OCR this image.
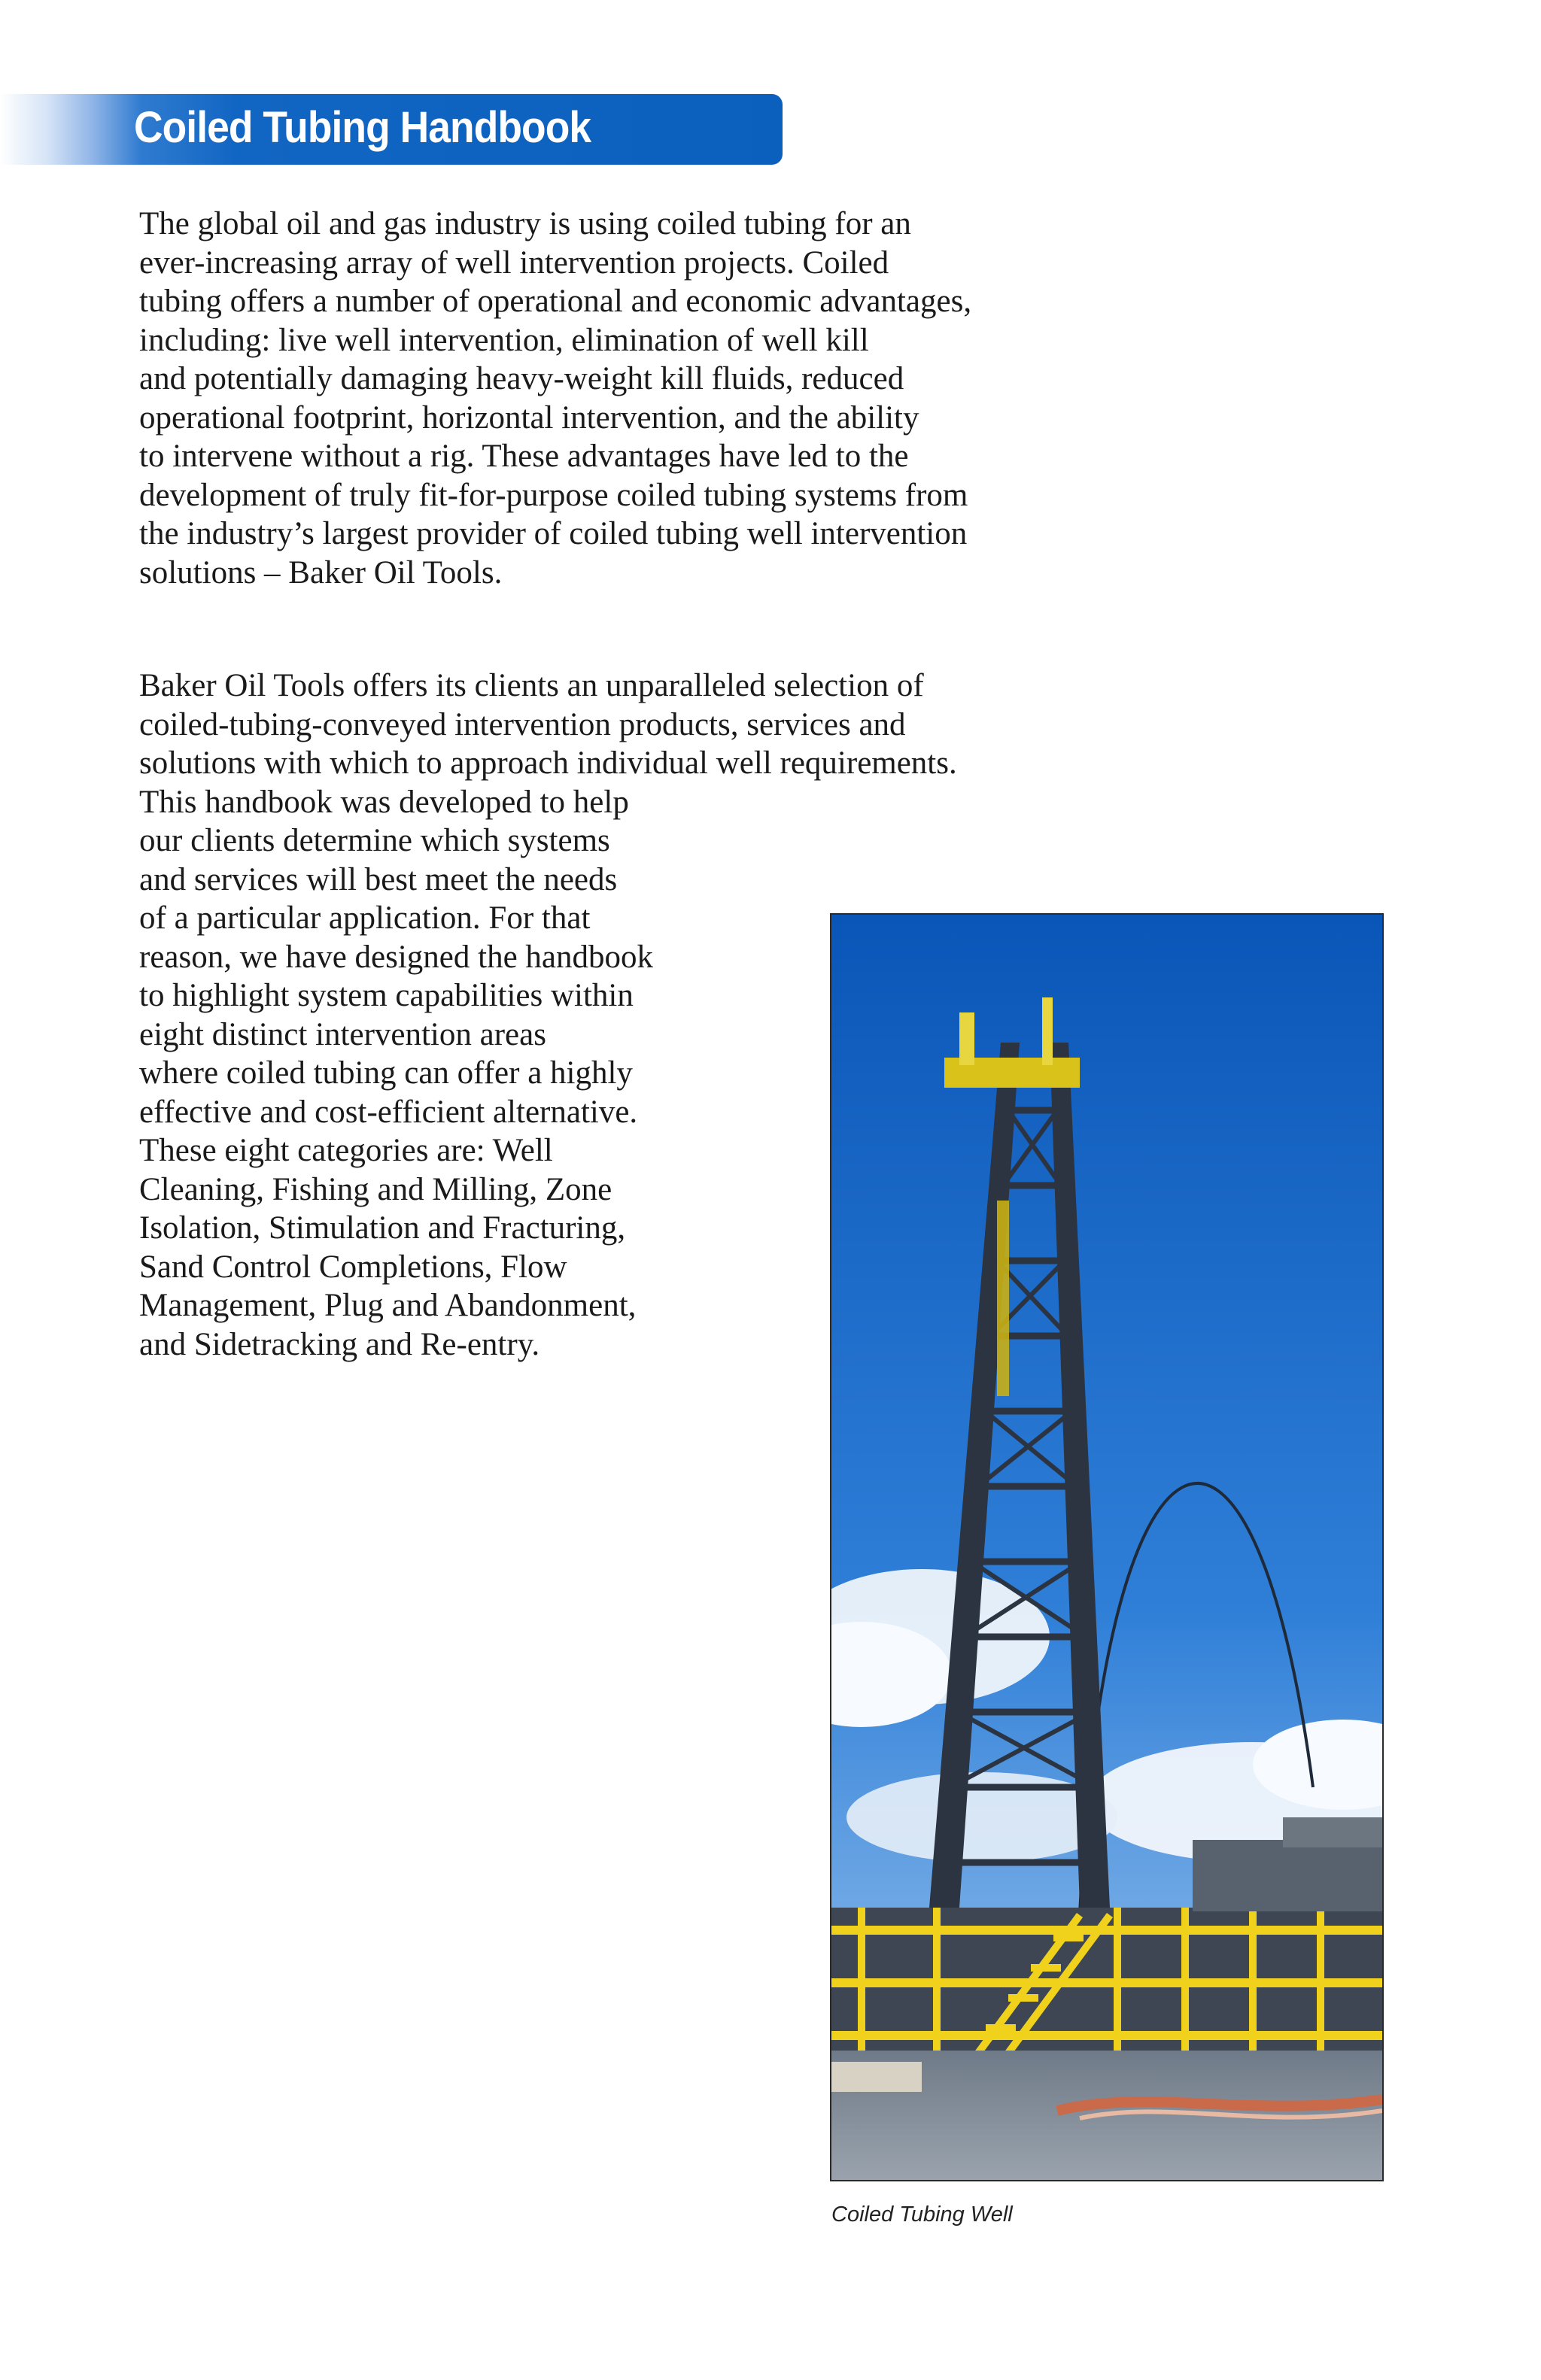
Coiled Tubing Handbook
The global oil and gas industry is using coiled tubing for an
ever-increasing array of well intervention projects. Coiled
tubing offers a number of operational and economic advantages,
including: live well intervention, elimination of well kill
and potentially damaging heavy-weight kill fluids, reduced
operational footprint, horizontal intervention, and the ability
to intervene without a rig. These advantages have led to the
development of truly fit-for-purpose coiled tubing systems from
the industry’s largest provider of coiled tubing well intervention
solutions – Baker Oil Tools.
Baker Oil Tools offers its clients an unparalleled selection of
coiled-tubing-conveyed intervention products, services and
solutions with which to approach individual well requirements.
This handbook was developed to help
our clients determine which systems
and services will best meet the needs
of a particular application. For that
reason, we have designed the handbook
to highlight system capabilities within
eight distinct intervention areas
where coiled tubing can offer a highly
effective and cost-efficient alternative.
These eight categories are: Well
Cleaning, Fishing and Milling, Zone
Isolation, Stimulation and Fracturing,
Sand Control Completions, Flow
Management, Plug and Abandonment,
and Sidetracking and Re-entry.
Coiled Tubing Well
